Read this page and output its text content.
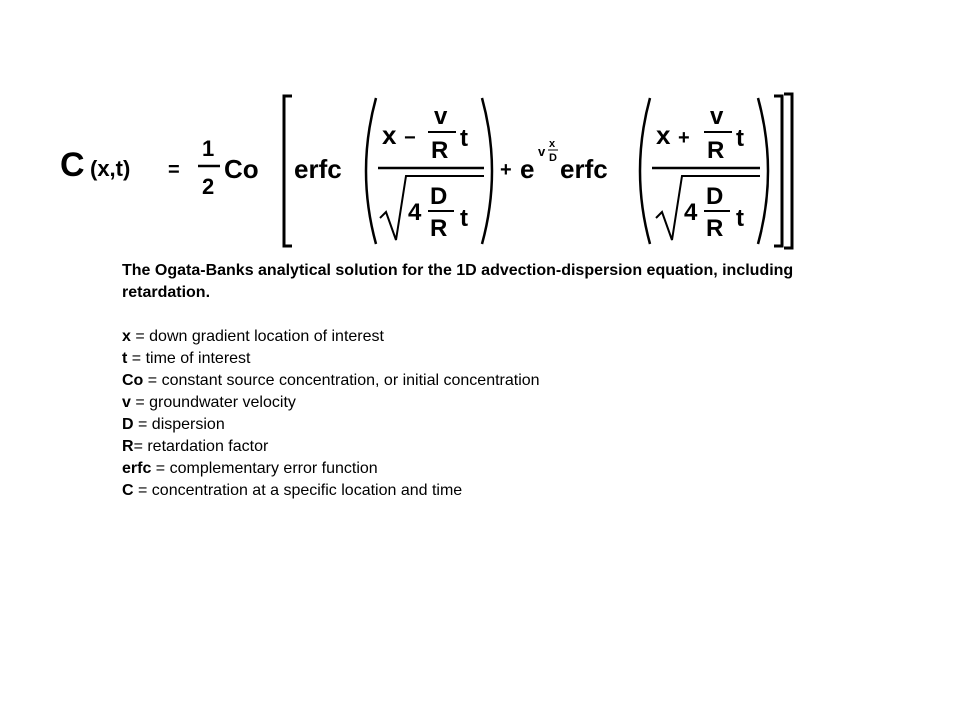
C (x,t) =
1
2
Co erfc
x −
v
R t
4
D
R t
+ e
v x
D erfc
x +
v
R t
4
D
R t

The Ogata-Banks analytical solution for the 1D advection-dispersion equation, including retardation.

x = down gradient location of interest
t = time of interest
Co = constant source concentration, or initial concentration
v = groundwater velocity
D = dispersion
R= retardation factor
erfc = complementary error function
C = concentration at a specific location and time
